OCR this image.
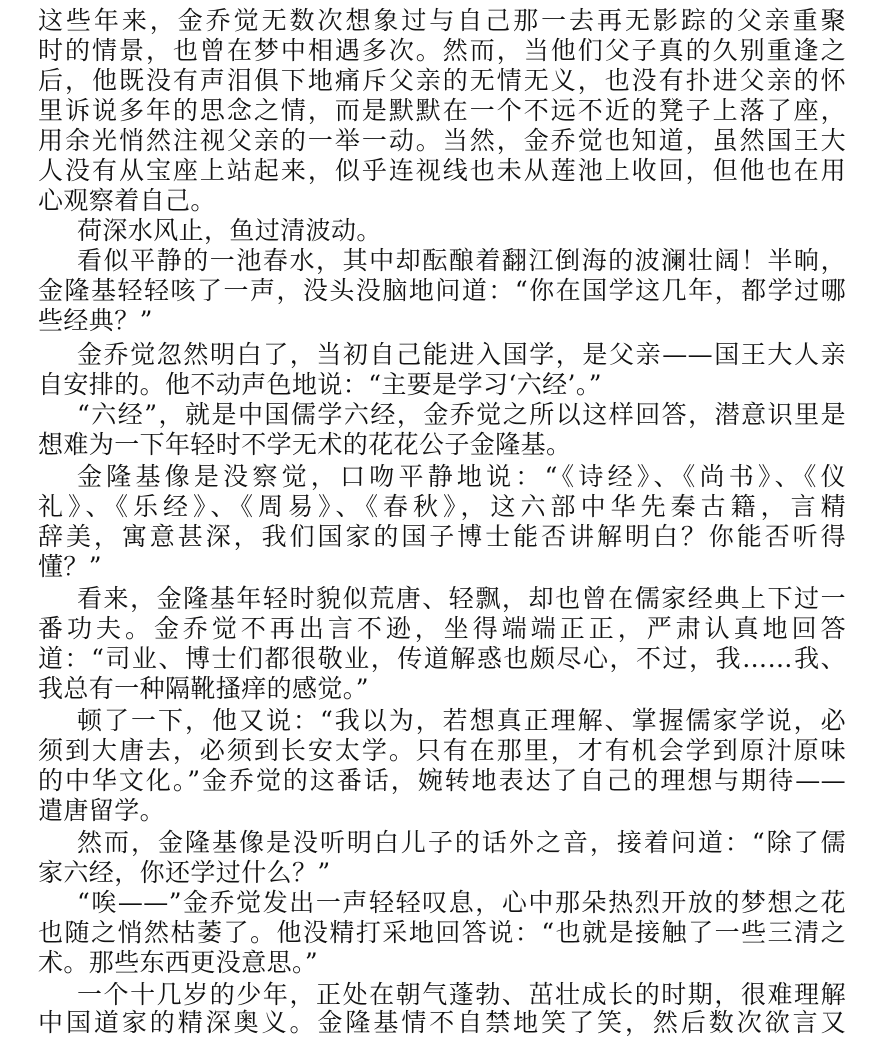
这些年来，金乔觉无数次想象过与自己那一去再无影踪的父亲重聚
时的情景，也曾在梦中相遇多次。然而，当他们父子真的久别重逢之
后，他既没有声泪俱下地痛斥父亲的无情无义，也没有扑进父亲的怀
里诉说多年的思念之情，而是默默在一个不远不近的凳子上落了座，
用余光悄然注视父亲的一举一动。当然，金乔觉也知道，虽然国王大
人没有从宝座上站起来，似乎连视线也未从莲池上收回，但他也在用
心观察着自己。
荷深水风止，鱼过清波动。
看似平静的一池春水，其中却酝酿着翻江倒海的波澜壮阔！半晌，
金隆基轻轻咳了一声，没头没脑地问道：“你在国学这几年，都学过哪
些经典？”
金乔觉忽然明白了，当初自己能进入国学，是父亲——国王大人亲
自安排的。他不动声色地说：“主要是学习‘六经’。”
“六经”，就是中国儒学六经，金乔觉之所以这样回答，潜意识里是
想难为一下年轻时不学无术的花花公子金隆基。
金隆基像是没察觉，口吻平静地说：“《诗经》、《尚书》、《仪
礼》、《乐经》、《周易》、《春秋》，这六部中华先秦古籍，言精
辞美，寓意甚深，我们国家的国子博士能否讲解明白？你能否听得
懂？”
看来，金隆基年轻时貌似荒唐、轻飘，却也曾在儒家经典上下过一
番功夫。金乔觉不再出言不逊，坐得端端正正，严肃认真地回答
道：“司业、博士们都很敬业，传道解惑也颇尽心，不过，我……我、
我总有一种隔靴搔痒的感觉。”
顿了一下，他又说：“我以为，若想真正理解、掌握儒家学说，必
须到大唐去，必须到长安太学。只有在那里，才有机会学到原汁原味
的中华文化。”金乔觉的这番话，婉转地表达了自己的理想与期待——
遣唐留学。
然而，金隆基像是没听明白儿子的话外之音，接着问道：“除了儒
家六经，你还学过什么？”
“唉——”金乔觉发出一声轻轻叹息，心中那朵热烈开放的梦想之花
也随之悄然枯萎了。他没精打采地回答说：“也就是接触了一些三清之
术。那些东西更没意思。”
一个十几岁的少年，正处在朝气蓬勃、茁壮成长的时期，很难理解
中国道家的精深奥义。金隆基情不自禁地笑了笑，然后数次欲言又
